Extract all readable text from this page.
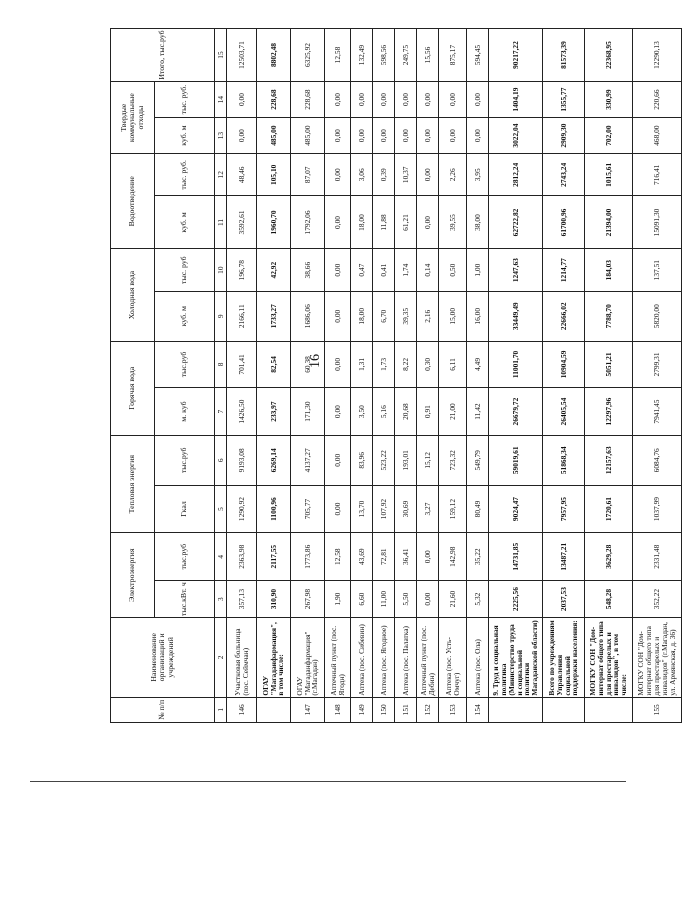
16
№ п/п	Наименование организаций и учреждений	Электроэнергия		Тепловая энергия		Горячая вода		Холодная вода		Водоотведение		Твердые коммунальные отходы		Итого, тыс.руб
		тыс.кВт. ч	тыс.руб	Гкал	тыс.руб	м. куб	тыс.руб	куб. м	тыс. руб	куб. м	тыс. руб.	куб. м	тыс. руб.	
1	2	3	4	5	6	7	8	9	10	11	12	13	14	15
146	Участковая больница (пос. Сеймчан)	357,13	2363,98	1290,92	9193,08	1426,50	701,41	2166,11	196,78	3592,61	48,46	0,00	0,00	12503,71
	ОГАУ "Магаданфармация", в том числе:	310,90	2117,55	1100,96	6269,14	233,97	82,54	1733,27	42,92	1960,70	105,10	485,00	228,68	8802,48
147	ОГАУ "Магаданфармация" (г.Магадан)	267,98	1773,86	705,77	4137,27	171,30	60,38	1686,06	38,66	1792,06	87,07	485,00	228,68	6325,92
148	Аптечный пункт (пос. Ягодн)	1,90	12,58	0,00	0,00	0,00	0,00	0,00	0,00	0,00	0,00	0,00	0,00	12,58
149	Аптека (пос. Сибевин)	6,60	43,69	13,70	83,96	3,50	1,31	18,00	0,47	18,00	3,06	0,00	0,00	132,49
150	Аптека (пос. Ягодное)	11,00	72,81	107,92	523,22	5,16	1,73	6,70	0,41	11,88	0,39	0,00	0,00	598,56
151	Аптека (пос. Палатка)	5,50	36,41	30,69	193,01	20,68	8,22	39,35	1,74	61,21	10,37	0,00	0,00	249,75
152	Аптечный пункт (пос. Дебин)	0,00	0,00	3,27	15,12	0,91	0,30	2,16	0,14	0,00	0,00	0,00	0,00	15,56
153	Аптека (пос. Усть-Омчуг)	21,60	142,98	159,12	723,32	21,00	6,11	15,00	0,50	39,55	2,26	0,00	0,00	875,17
154	Аптека (пос. Ола)	5,32	35,22	80,49	549,79	11,42	4,49	16,00	1,00	38,00	3,95	0,00	0,00	594,45
	9. Труд и социальная политика (Министерство труда и социальной политики Магаданской области)	2225,56	14731,85	9024,47	59019,61	26679,72	11001,70	33449,49	1247,63	62722,82	2812,24	3022,04	1404,19	90217,22
	Всего по учреждениям Управления социальной поддержки населения:	2037,53	13487,21	7957,95	51868,34	26405,54	10904,59	22666,02	1214,77	61700,96	2743,24	2909,30	1355,77	81573,39
	МОГКУ СОН "Дом-интернат общего типа для престарелых и инвалидов", в том числе:	548,28	3629,28	1720,61	12157,63	12297,96	5051,21	7788,70	184,03	21394,00	1015,61	702,00	330,99	22368,95
155	МОГКУ СОН "Дом-интернат общего типа для престарелых и инвалидов" (г.Магадан, ул. Армянская, д. 36)	352,22	2331,48	1037,99	6084,76	7941,45	2799,31	5820,00	137,51	15091,30	716,41	468,00	220,66	12290,13
